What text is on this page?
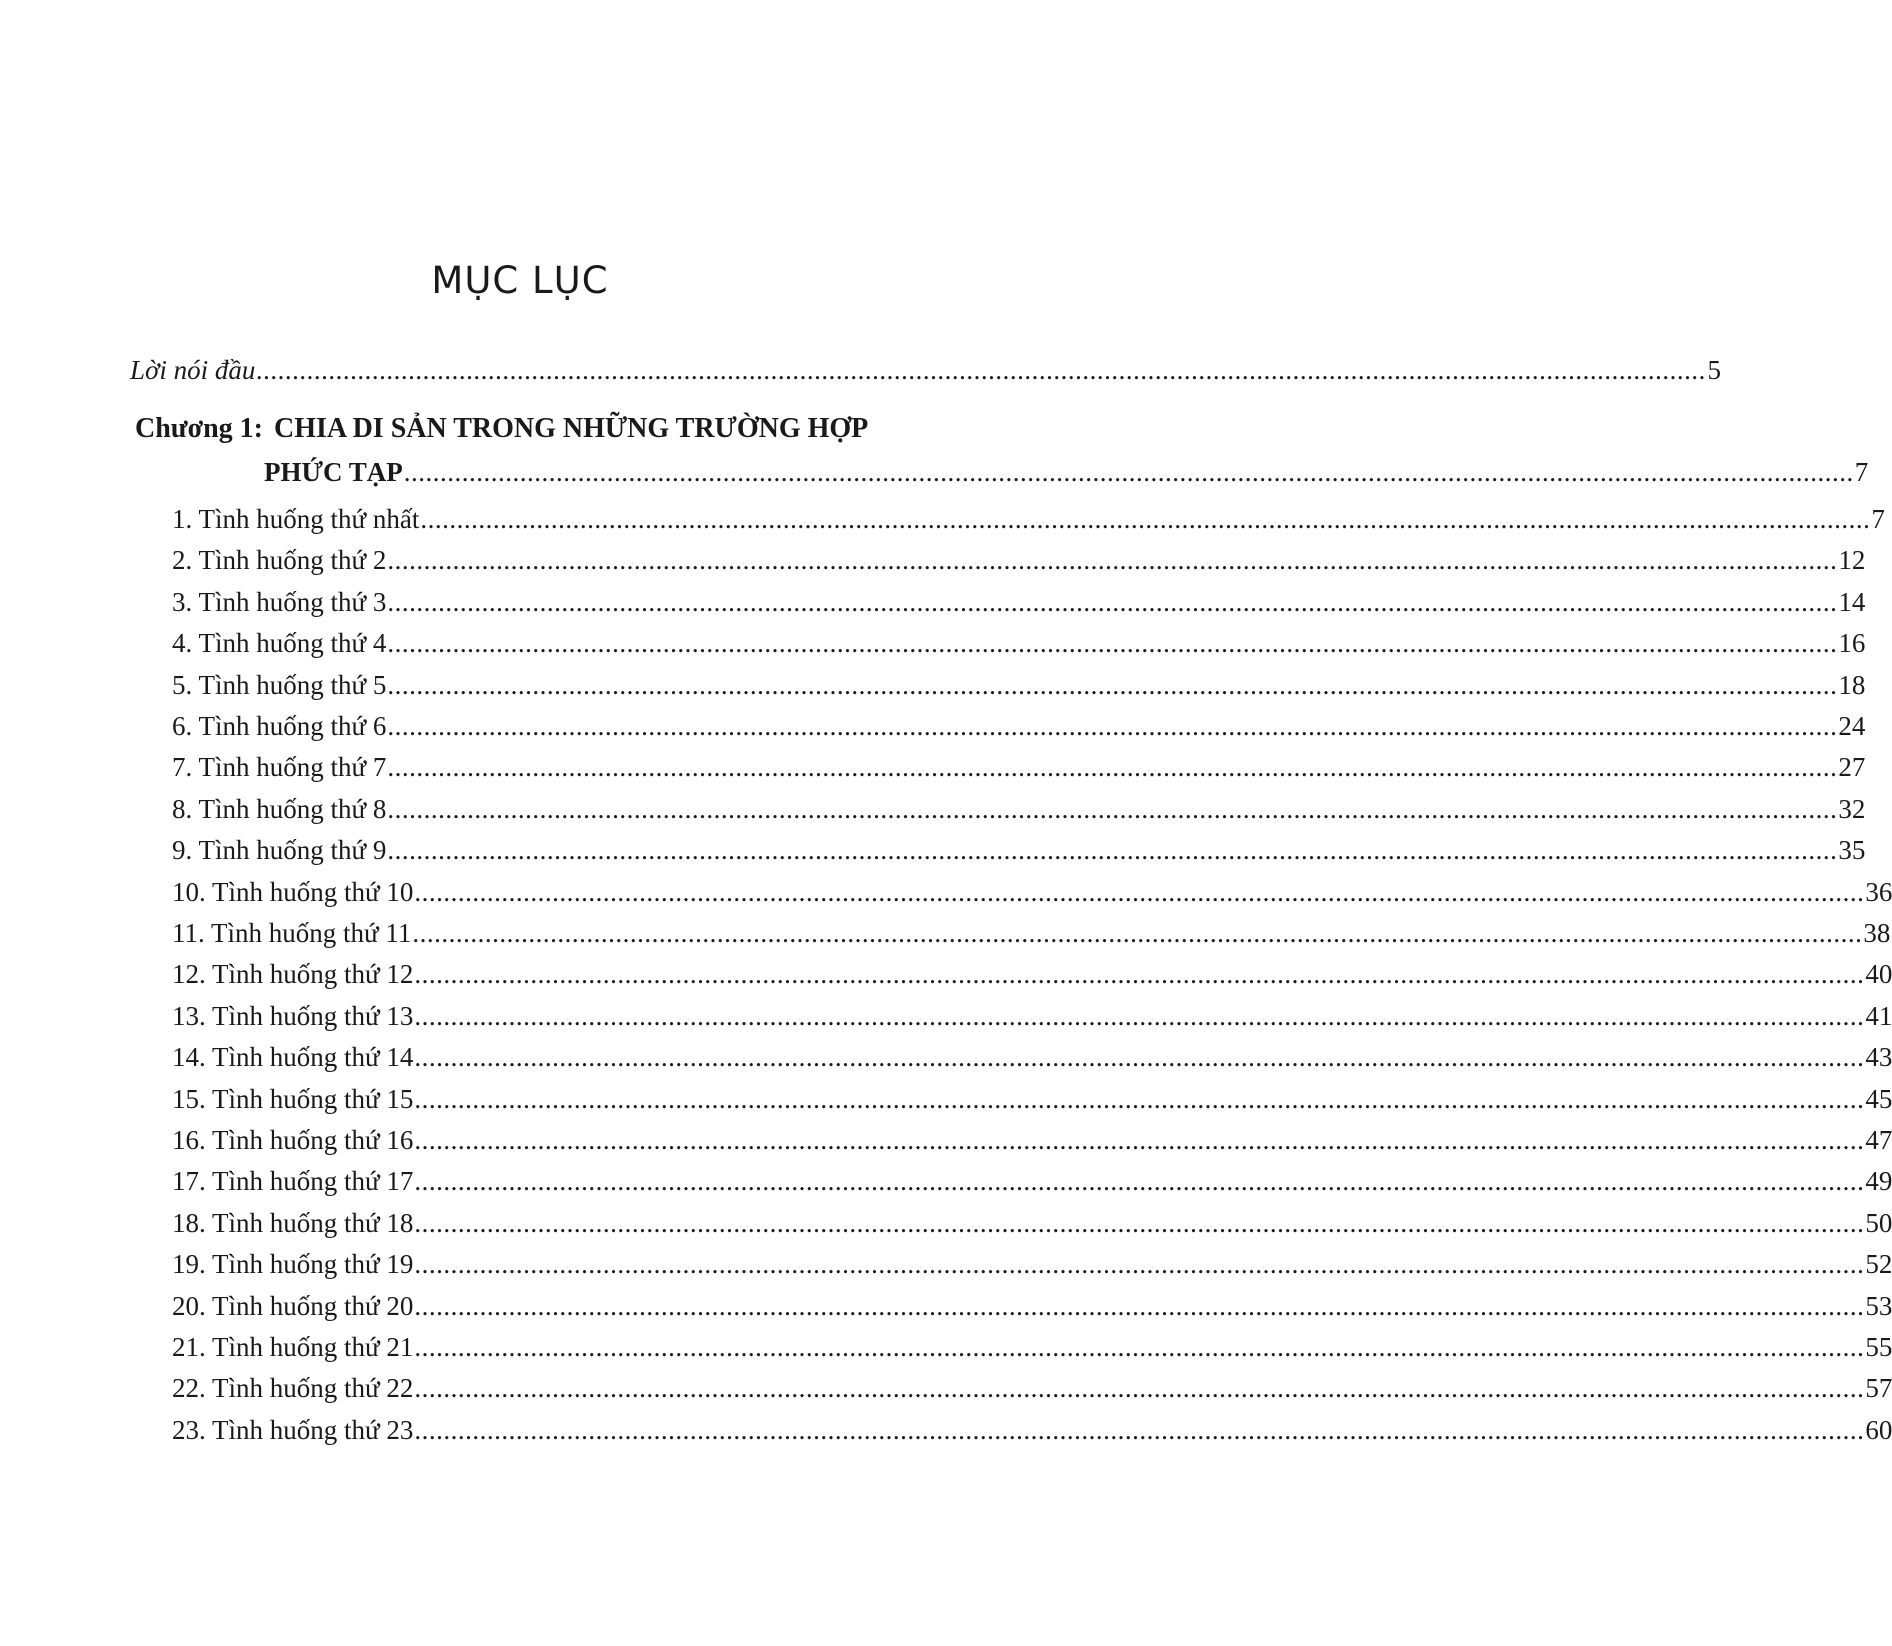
MỤC LỤC
Lời nói đầu ........................................................................................................................................................................................................ 5
Chương 1: CHIA DI SẢN TRONG NHỮNG TRƯỜNG HỢP
PHỨC TẠP ........................................................................................................................................................................................................ 7
1. Tình huống thứ nhất ........................................................................................................................................................................................................ 7
2. Tình huống thứ 2 ........................................................................................................................................................................................................ 12
3. Tình huống thứ 3 ........................................................................................................................................................................................................ 14
4. Tình huống thứ 4 ........................................................................................................................................................................................................ 16
5. Tình huống thứ 5 ........................................................................................................................................................................................................ 18
6. Tình huống thứ 6 ........................................................................................................................................................................................................ 24
7. Tình huống thứ 7 ........................................................................................................................................................................................................ 27
8. Tình huống thứ 8 ........................................................................................................................................................................................................ 32
9. Tình huống thứ 9 ........................................................................................................................................................................................................ 35
10. Tình huống thứ 10 ........................................................................................................................................................................................................ 36
11. Tình huống thứ 11 ........................................................................................................................................................................................................ 38
12. Tình huống thứ 12 ........................................................................................................................................................................................................ 40
13. Tình huống thứ 13 ........................................................................................................................................................................................................ 41
14. Tình huống thứ 14 ........................................................................................................................................................................................................ 43
15. Tình huống thứ 15 ........................................................................................................................................................................................................ 45
16. Tình huống thứ 16 ........................................................................................................................................................................................................ 47
17. Tình huống thứ 17 ........................................................................................................................................................................................................ 49
18. Tình huống thứ 18 ........................................................................................................................................................................................................ 50
19. Tình huống thứ 19 ........................................................................................................................................................................................................ 52
20. Tình huống thứ 20 ........................................................................................................................................................................................................ 53
21. Tình huống thứ 21 ........................................................................................................................................................................................................ 55
22. Tình huống thứ 22 ........................................................................................................................................................................................................ 57
23. Tình huống thứ 23 ........................................................................................................................................................................................................ 60
